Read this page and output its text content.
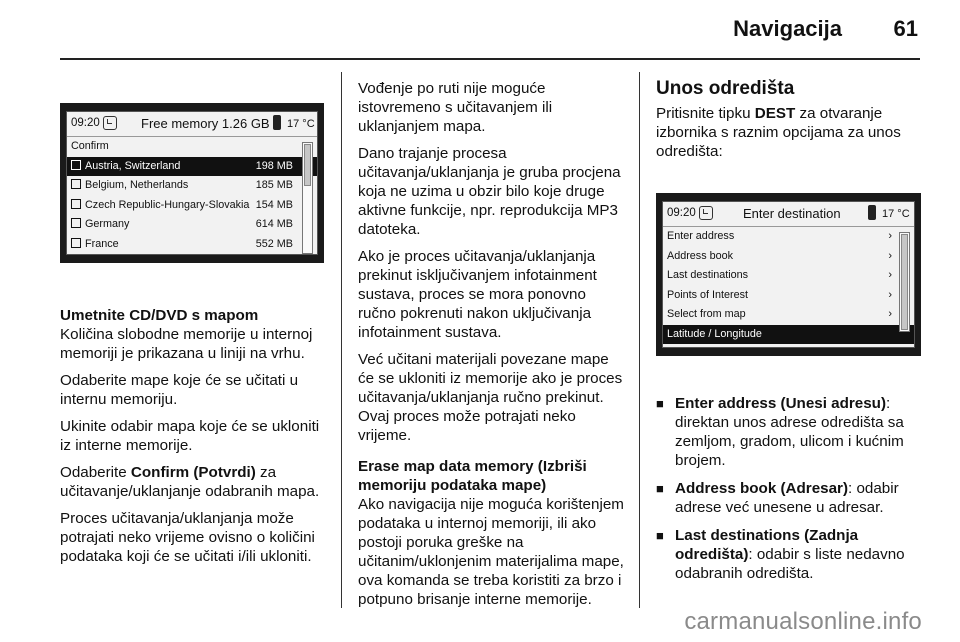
Navigacija 61
09:20	Free memory 1.26 GB 17 °C
Confirm
Austria, Switzerland	198 MB
Belgium, Netherlands	185 MB
Czech Republic-Hungary-Slovakia 154 MB
Germany	614 MB
France	552 MB
Umetnite CD/DVD s mapom

Količina slobodne memorije u internoj memoriji je prikazana u liniji na vrhu.

Odaberite mape koje će se učitati u internu memoriju.

Ukinite odabir mapa koje će se ukloniti iz interne memorije.

Odaberite Confirm (Potvrdi) za učitavanje/uklanjanje odabranih mapa.

Proces učitavanja/uklanjanja može potrajati neko vrijeme ovisno o količini podataka koji će se učitati i/ili ukloniti.

Vođenje po ruti nije moguće istovremeno s učitavanjem ili uklanjanjem mapa.

Dano trajanje procesa učitavanja/uklanjanja je gruba procjena koja ne uzima u obzir bilo koje druge aktivne funkcije, npr. reprodukcija MP3 datoteka.

Ako je proces učitavanja/uklanjanja prekinut isključivanjem infotainment sustava, proces se mora ponovno ručno pokrenuti nakon uključivanja infotainment sustava.

Već učitani materijali povezane mape će se ukloniti iz memorije ako je proces učitavanja/uklanjanja ručno prekinut. Ovaj proces može potrajati neko vrijeme.

Erase map data memory (Izbriši memoriju podataka mape)

Ako navigacija nije moguća korištenjem podataka u internoj memoriji, ili ako postoji poruka greške na učitanim/uklonjenim materijalima mape, ova komanda se treba koristiti za brzo i potpuno brisanje interne memorije.

Unos odredišta

Pritisnite tipku DEST za otvaranje izbornika s raznim opcijama za unos odredišta:

09:20	Enter destination	17 °C
Enter address	›
Address book	›
Last destinations	›
Points of Interest	›
Select from map	›
Latitude / Longitude
■ Enter address (Unesi adresu): direktan unos adrese odredišta sa zemljom, gradom, ulicom i kućnim brojem.
■ Address book (Adresar): odabir adrese već unesene u adresar.
■ Last destinations (Zadnja odredišta): odabir s liste nedavno odabranih odredišta.
carmanualsonline.info
